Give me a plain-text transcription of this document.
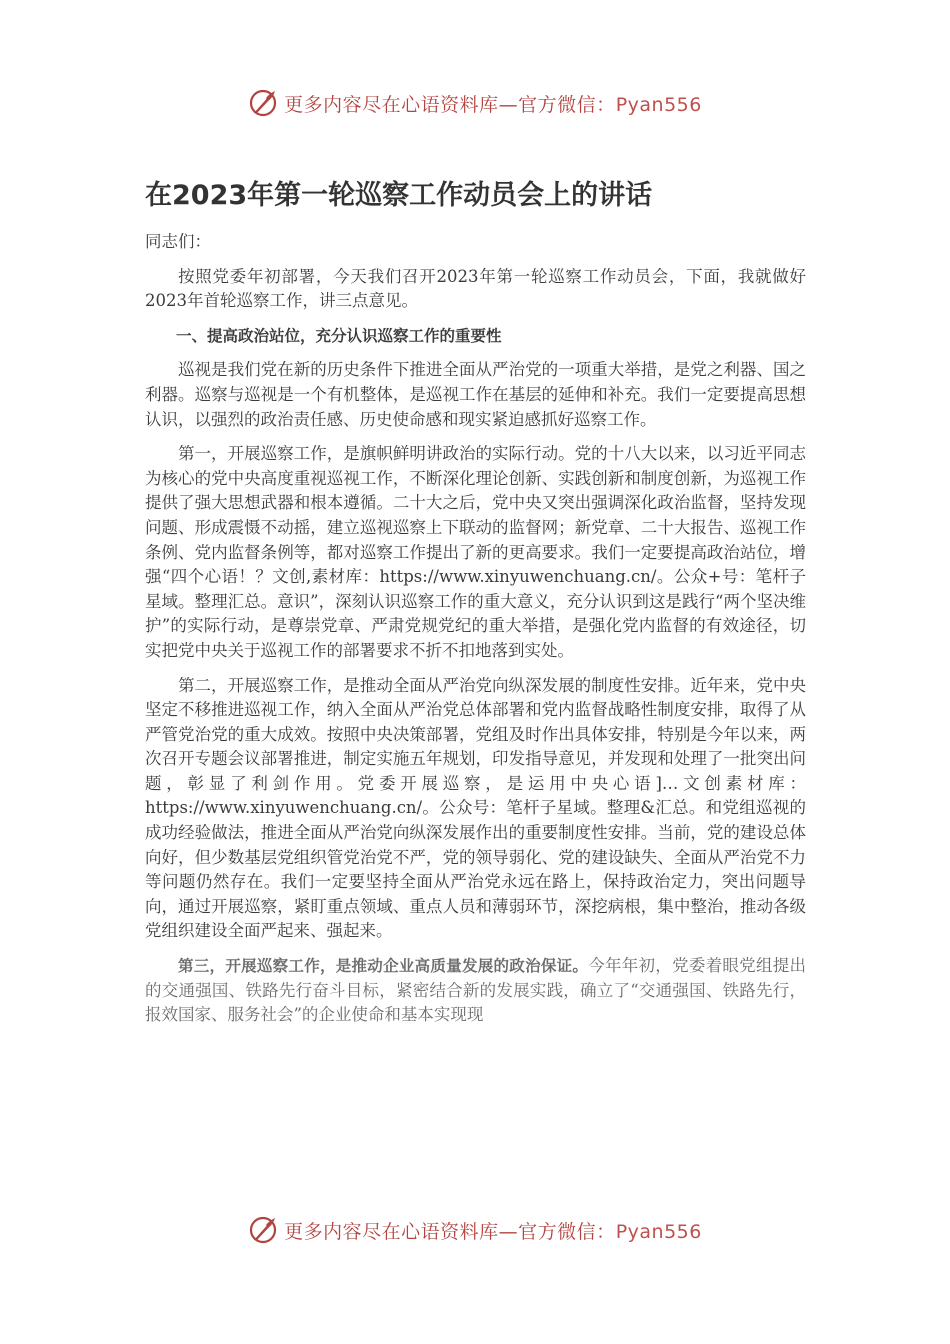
更多内容尽在心语资料库—官方微信：Pyan556
在2023年第一轮巡察工作动员会上的讲话

同志们：

按照党委年初部署，今天我们召开2023年第一轮巡察工作动员会，下面，我就做好2023年首轮巡察工作，讲三点意见。

一、提高政治站位，充分认识巡察工作的重要性

巡视是我们党在新的历史条件下推进全面从严治党的一项重大举措，是党之利器、国之利器。巡察与巡视是一个有机整体，是巡视工作在基层的延伸和补充。我们一定要提高思想认识，以强烈的政治责任感、历史使命感和现实紧迫感抓好巡察工作。

第一，开展巡察工作，是旗帜鲜明讲政治的实际行动。党的十八大以来，以习近平同志为核心的党中央高度重视巡视工作，不断深化理论创新、实践创新和制度创新，为巡视工作提供了强大思想武器和根本遵循。二十大之后，党中央又突出强调深化政治监督，坚持发现问题、形成震慑不动摇，建立巡视巡察上下联动的监督网；新党章、二十大报告、巡视工作条例、党内监督条例等，都对巡察工作提出了新的更高要求。我们一定要提高政治站位，增强“四个心语！？文创,素材库：https://www.xinyuwenchuang.cn/。公众+号：笔杆子星域。整理汇总。意识”，深刻认识巡察工作的重大意义，充分认识到这是践行“两个坚决维护”的实际行动，是尊崇党章、严肃党规党纪的重大举措，是强化党内监督的有效途径，切实把党中央关于巡视工作的部署要求不折不扣地落到实处。

第二，开展巡察工作，是推动全面从严治党向纵深发展的制度性安排。近年来，党中央坚定不移推进巡视工作，纳入全面从严治党总体部署和党内监督战略性制度安排，取得了从严管党治党的重大成效。按照中央决策部署，党组及时作出具体安排，特别是今年以来，两次召开专题会议部署推进，制定实施五年规划，印发指导意见，并发现和处理了一批突出问题，彰显了利剑作用。党委开展巡察，是运用中央心语]…文创素材库：https://www.xinyuwenchuang.cn/。公众号：笔杆子星域。整理&汇总。和党组巡视的成功经验做法，推进全面从严治党向纵深发展作出的重要制度性安排。当前，党的建设总体向好，但少数基层党组织管党治党不严，党的领导弱化、党的建设缺失、全面从严治党不力等问题仍然存在。我们一定要坚持全面从严治党永远在路上，保持政治定力，突出问题导向，通过开展巡察，紧盯重点领域、重点人员和薄弱环节，深挖病根，集中整治，推动各级党组织建设全面严起来、强起来。

第三，开展巡察工作，是推动企业高质量发展的政治保证。今年年初，党委着眼党组提出的交通强国、铁路先行奋斗目标，紧密结合新的发展实践，确立了“交通强国、铁路先行，报效国家、服务社会”的企业使命和基本实现现

更多内容尽在心语资料库—官方微信：Pyan556
